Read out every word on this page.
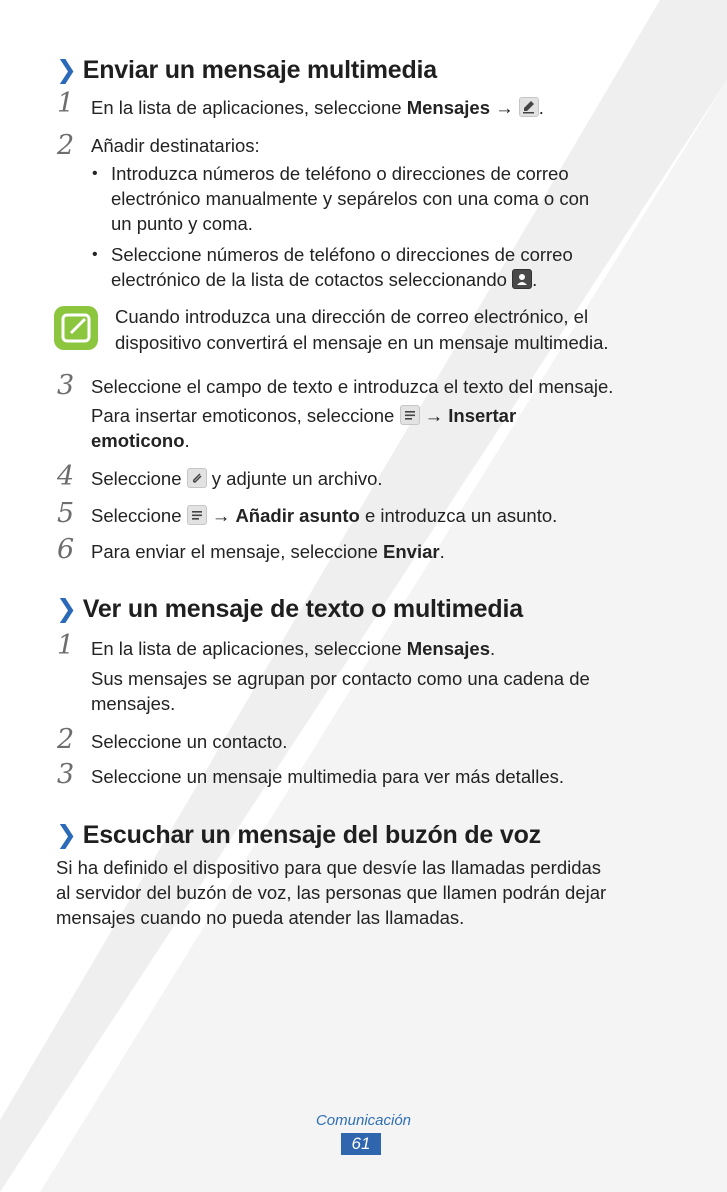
❯ Enviar un mensaje multimedia
1 En la lista de aplicaciones, seleccione Mensajes → .
2 Añadir destinatarios:
• Introduzca números de teléfono o direcciones de correo
electrónico manualmente y sepárelos con una coma o con
un punto y coma.
• Seleccione números de teléfono o direcciones de correo
electrónico de la lista de cotactos seleccionando .
Cuando introduzca una dirección de correo electrónico, el
dispositivo convertirá el mensaje en un mensaje multimedia.
3 Seleccione el campo de texto e introduzca el texto del mensaje.
Para insertar emoticonos, seleccione
→ Insertar
emoticono.
4 Seleccione
y adjunte un archivo.
5 Seleccione
→ Añadir asunto e introduzca un asunto.
6 Para enviar el mensaje, seleccione Enviar.
❯ Ver un mensaje de texto o multimedia
1 En la lista de aplicaciones, seleccione Mensajes.
Sus mensajes se agrupan por contacto como una cadena de
mensajes.
2 Seleccione un contacto.
3 Seleccione un mensaje multimedia para ver más detalles.
❯ Escuchar un mensaje del buzón de voz
Si ha definido el dispositivo para que desvíe las llamadas perdidas
al servidor del buzón de voz, las personas que llamen podrán dejar
mensajes cuando no pueda atender las llamadas.
Comunicación
61
